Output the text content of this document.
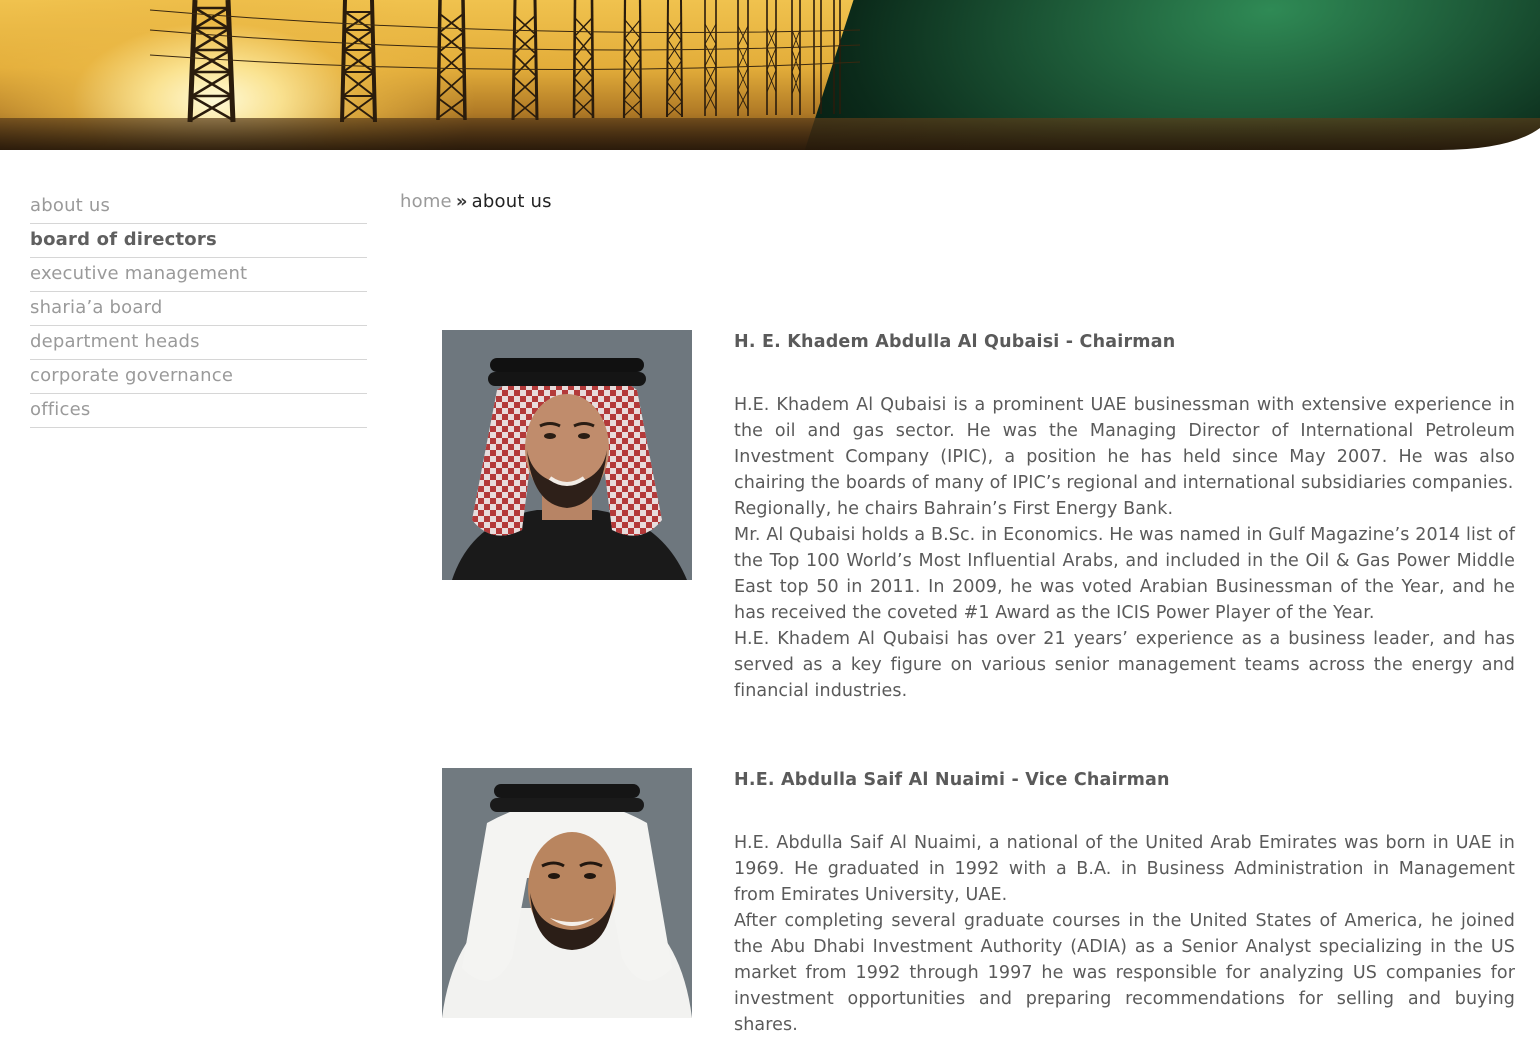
about us
board of directors
executive management
sharia’a board
department heads
corporate governance
offices
home » about us
H. E. Khadem Abdulla Al Qubaisi - Chairman

H.E. Khadem Al Qubaisi is a prominent UAE businessman with extensive experience in the oil and gas sector. He was the Managing Director of International Petroleum Investment Company (IPIC), a position he has held since May 2007. He was also chairing the boards of many of IPIC’s regional and international subsidiaries companies.

Regionally, he chairs Bahrain’s First Energy Bank.

Mr. Al Qubaisi holds a B.Sc. in Economics. He was named in Gulf Magazine’s 2014 list of the Top 100 World’s Most Influential Arabs, and included in the Oil & Gas Power Middle East top 50 in 2011. In 2009, he was voted Arabian Businessman of the Year, and he has received the coveted #1 Award as the ICIS Power Player of the Year.

H.E. Khadem Al Qubaisi has over 21 years’ experience as a business leader, and has served as a key figure on various senior management teams across the energy and financial industries.

H.E. Abdulla Saif Al Nuaimi - Vice Chairman

H.E. Abdulla Saif Al Nuaimi, a national of the United Arab Emirates was born in UAE in 1969. He graduated in 1992 with a B.A. in Business Administration in Management from Emirates University, UAE.

After completing several graduate courses in the United States of America, he joined the Abu Dhabi Investment Authority (ADIA) as a Senior Analyst specializing in the US market from 1992 through 1997 he was responsible for analyzing US companies for investment opportunities and preparing recommendations for selling and buying shares.
